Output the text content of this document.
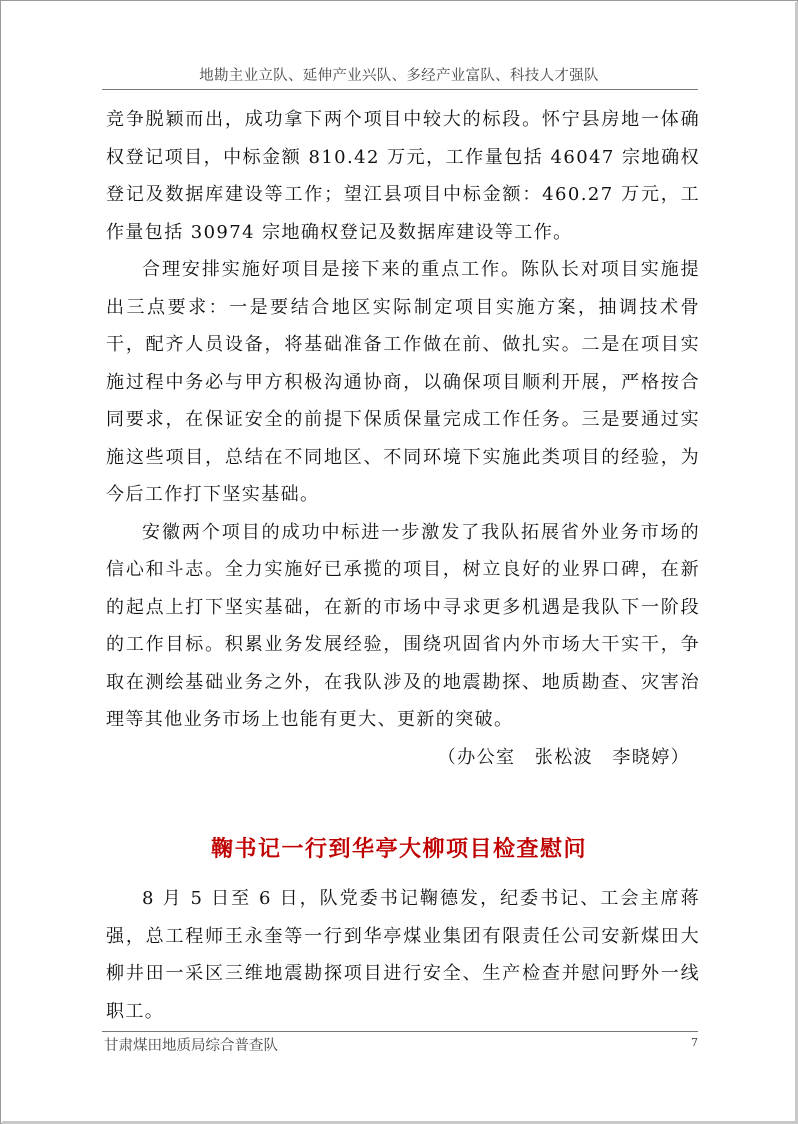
地勘主业立队、延伸产业兴队、多经产业富队、科技人才强队

竞争脱颖而出，成功拿下两个项目中较大的标段。怀宁县房地一体确权登记项目，中标金额 810.42 万元，工作量包括 46047 宗地确权登记及数据库建设等工作；望江县项目中标金额：460.27 万元，工作量包括 30974 宗地确权登记及数据库建设等工作。

合理安排实施好项目是接下来的重点工作。陈队长对项目实施提出三点要求：一是要结合地区实际制定项目实施方案，抽调技术骨干，配齐人员设备，将基础准备工作做在前、做扎实。二是在项目实施过程中务必与甲方积极沟通协商，以确保项目顺利开展，严格按合同要求，在保证安全的前提下保质保量完成工作任务。三是要通过实施这些项目，总结在不同地区、不同环境下实施此类项目的经验，为今后工作打下坚实基础。

安徽两个项目的成功中标进一步激发了我队拓展省外业务市场的信心和斗志。全力实施好已承揽的项目，树立良好的业界口碑，在新的起点上打下坚实基础，在新的市场中寻求更多机遇是我队下一阶段的工作目标。积累业务发展经验，围绕巩固省内外市场大干实干，争取在测绘基础业务之外，在我队涉及的地震勘探、地质勘查、灾害治理等其他业务市场上也能有更大、更新的突破。

（办公室　张松波　李晓婷）

鞠书记一行到华亭大柳项目检查慰问

8 月 5 日至 6 日，队党委书记鞠德发，纪委书记、工会主席蒋强，总工程师王永奎等一行到华亭煤业集团有限责任公司安新煤田大柳井田一采区三维地震勘探项目进行安全、生产检查并慰问野外一线职工。

甘肃煤田地质局综合普查队	7
